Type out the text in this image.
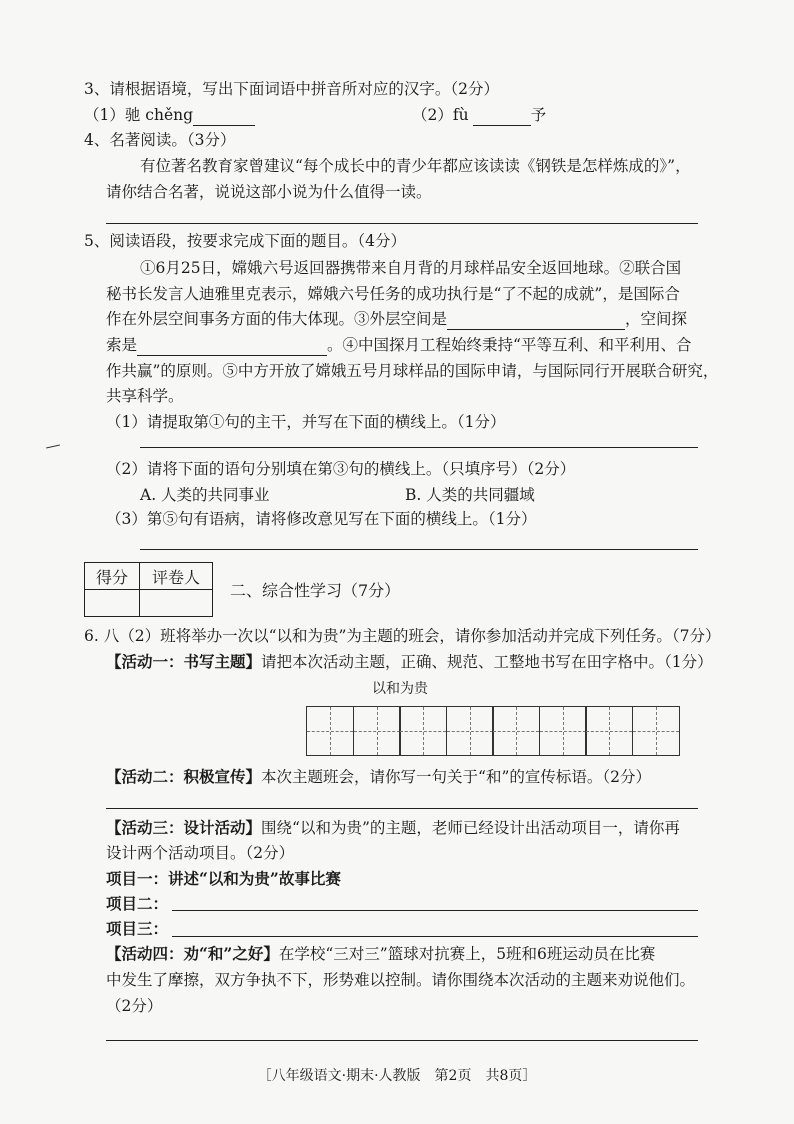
3、请根据语境，写出下面词语中拼音所对应的汉字。（2分）
（1）驰 chěng	（2）fù	予
4、名著阅读。（3分）
有位著名教育家曾建议“每个成长中的青少年都应该读读《钢铁是怎样炼成的》”，
请你结合名著，说说这部小说为什么值得一读。
5、阅读语段，按要求完成下面的题目。（4分）
①6月25日，嫦娥六号返回器携带来自月背的月球样品安全返回地球。②联合国
秘书长发言人迪雅里克表示，嫦娥六号任务的成功执行是“了不起的成就”，是国际合
作在外层空间事务方面的伟大体现。③外层空间是	，空间探
索是	。④中国探月工程始终秉持“平等互利、和平利用、合
作共赢”的原则。⑤中方开放了嫦娥五号月球样品的国际申请，与国际同行开展联合研究，
共享科学。
（1）请提取第①句的主干，并写在下面的横线上。（1分）
（2）请将下面的语句分别填在第③句的横线上。（只填序号）（2分）
A. 人类的共同事业	B. 人类的共同疆域
（3）第⑤句有语病，请将修改意见写在下面的横线上。（1分）
得分	评卷人

二、综合性学习（7分）
6. 八（2）班将举办一次以“以和为贵”为主题的班会，请你参加活动并完成下列任务。（7分）
【活动一：书写主题】请把本次活动主题，正确、规范、工整地书写在田字格中。（1分）
以和为贵
【活动二：积极宣传】本次主题班会，请你写一句关于“和”的宣传标语。（2分）
【活动三：设计活动】围绕“以和为贵”的主题，老师已经设计出活动项目一，请你再
设计两个活动项目。（2分）
项目一：讲述“以和为贵”故事比赛
项目二：
项目三：
【活动四：劝“和”之好】在学校“三对三”篮球对抗赛上，5班和6班运动员在比赛
中发生了摩擦，双方争执不下，形势难以控制。请你围绕本次活动的主题来劝说他们。
（2分）
［八年级语文·期末·人教版　第2页　共8页］
